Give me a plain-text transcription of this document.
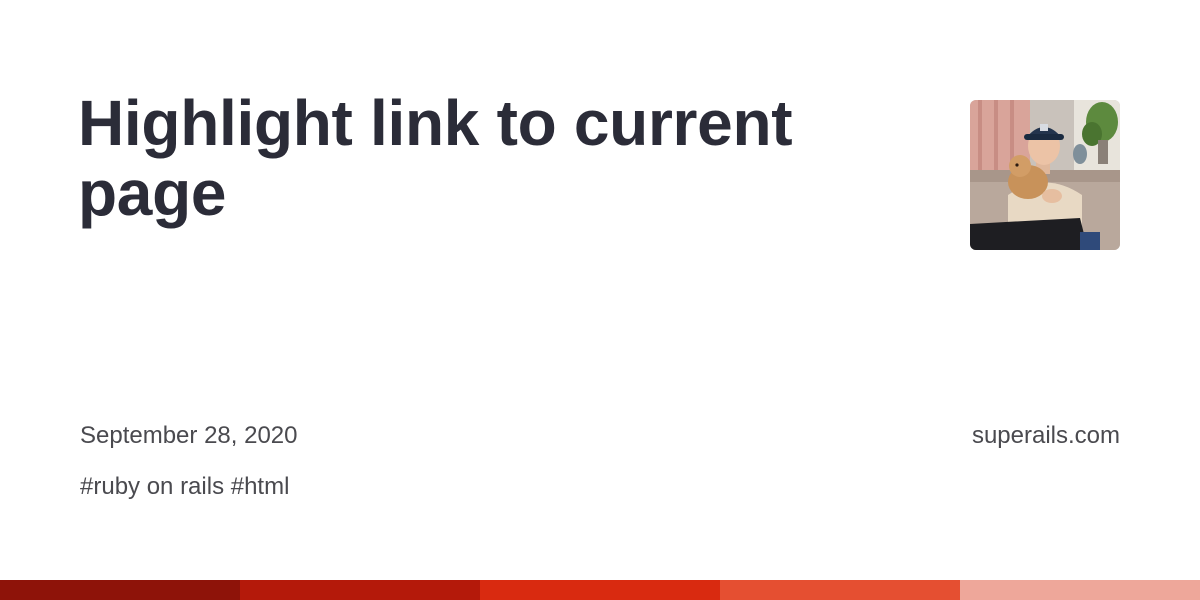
Highlight link to current page
September 28, 2020	superails.com
#ruby on rails #html
